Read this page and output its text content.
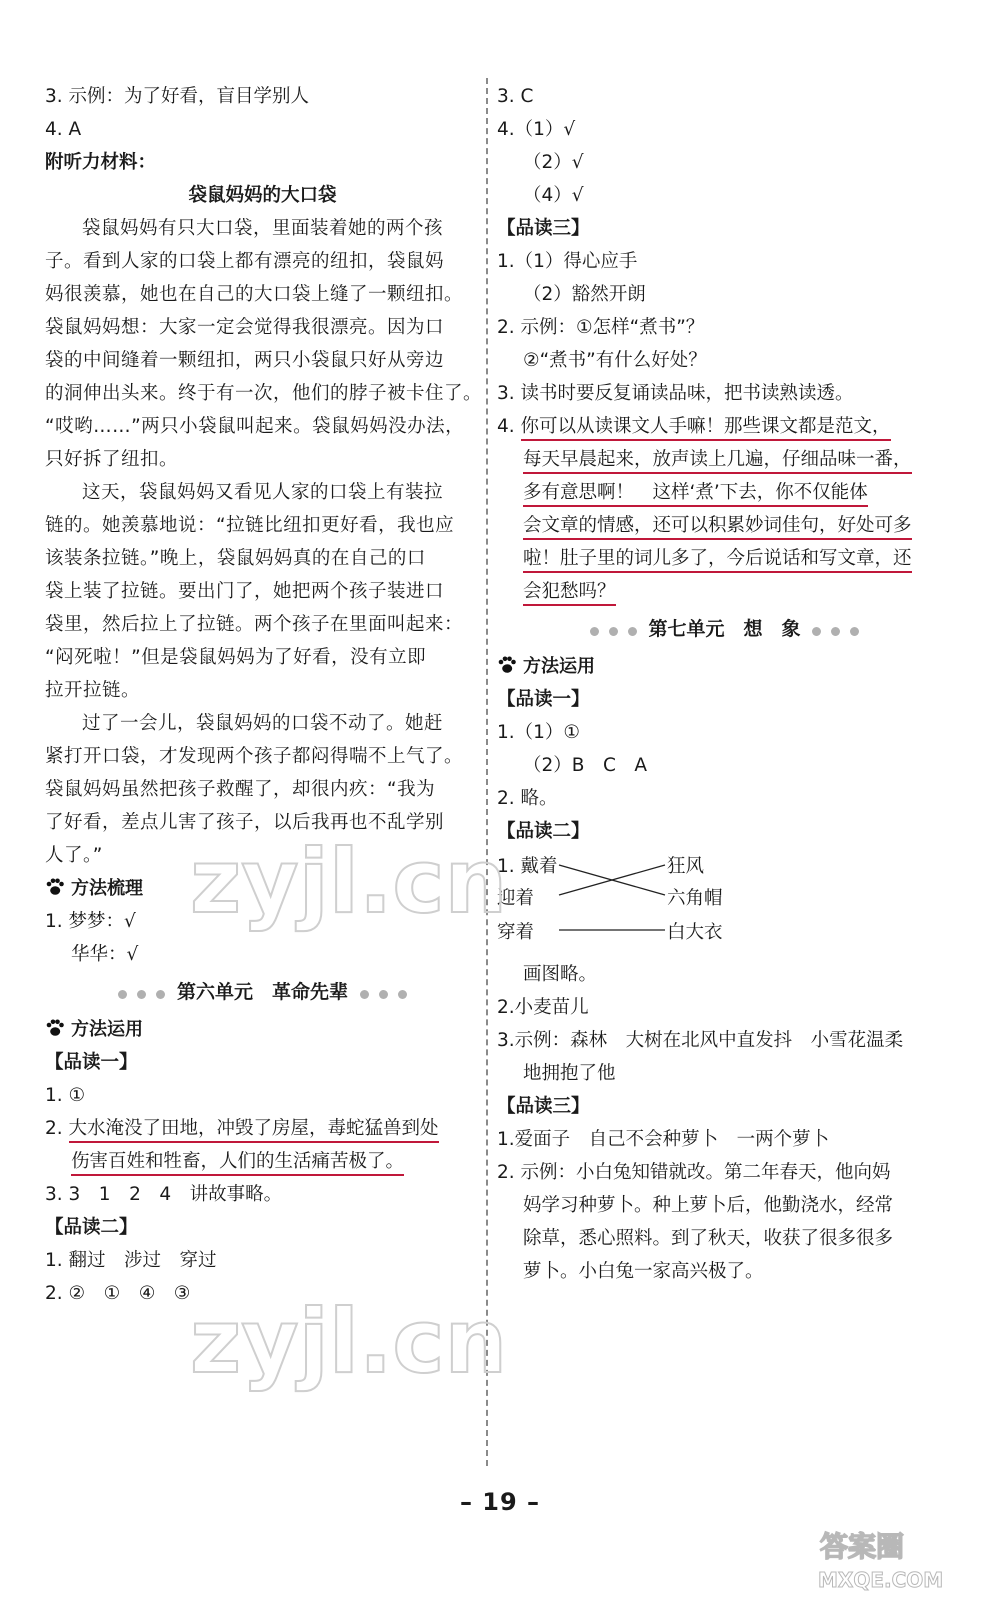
3. 示例：为了好看，盲目学别人
4. A
附听力材料：
袋鼠妈妈的大口袋
袋鼠妈妈有只大口袋，里面装着她的两个孩
子。看到人家的口袋上都有漂亮的纽扣，袋鼠妈
妈很羡慕，她也在自己的大口袋上缝了一颗纽扣。
袋鼠妈妈想：大家一定会觉得我很漂亮。因为口
袋的中间缝着一颗纽扣，两只小袋鼠只好从旁边
的洞伸出头来。终于有一次，他们的脖子被卡住了。
“哎哟……”两只小袋鼠叫起来。袋鼠妈妈没办法，
只好拆了纽扣。
这天，袋鼠妈妈又看见人家的口袋上有装拉
链的。她羡慕地说：“拉链比纽扣更好看，我也应
该装条拉链。”晚上，袋鼠妈妈真的在自己的口
袋上装了拉链。要出门了，她把两个孩子装进口
袋里，然后拉上了拉链。两个孩子在里面叫起来：
“闷死啦！”但是袋鼠妈妈为了好看，没有立即
拉开拉链。
过了一会儿，袋鼠妈妈的口袋不动了。她赶
紧打开口袋，才发现两个孩子都闷得喘不上气了。
袋鼠妈妈虽然把孩子救醒了，却很内疚：“我为
了好看，差点儿害了孩子，以后我再也不乱学别
人了。”
方法梳理
1. 梦梦：√
华华：√
第六单元　革命先辈
方法运用
【品读一】
1. ①
2. 大水淹没了田地，冲毁了房屋，毒蛇猛兽到处
伤害百姓和牲畜，人们的生活痛苦极了。
3. 3　1　2　4　讲故事略。
【品读二】
1. 翻过　涉过　穿过
2. ②　①　④　③
3. C
4.（1）√
（2）√
（4）√
【品读三】
1.（1）得心应手
（2）豁然开朗
2. 示例：①怎样“煮书”？
②“煮书”有什么好处？
3. 读书时要反复诵读品味，把书读熟读透。
4. 你可以从读课文人手嘛！那些课文都是范文，
每天早晨起来，放声读上几遍，仔细品味一番，
多有意思啊！　这样‘煮’下去，你不仅能体
会文章的情感，还可以积累妙词佳句，好处可多
啦！肚子里的词儿多了，今后说话和写文章，还
会犯愁吗？
第七单元　想　象
方法运用
【品读一】
1.（1）①
（2）B　C　A
2. 略。
【品读二】
1. 戴着
迎着
穿着
狂风
六角帽
白大衣
画图略。
2.小麦苗儿
3.示例：森林　大树在北风中直发抖　小雪花温柔
地拥抱了他
【品读三】
1.爱面子　自己不会种萝卜　一两个萝卜
2. 示例：小白兔知错就改。第二年春天，他向妈
妈学习种萝卜。种上萝卜后，他勤浇水，经常
除草，悉心照料。到了秋天，收获了很多很多
萝卜。小白兔一家高兴极了。
– 19 –
zyjl.cn
zyjl.cn
答案圈
MXQE.COM
